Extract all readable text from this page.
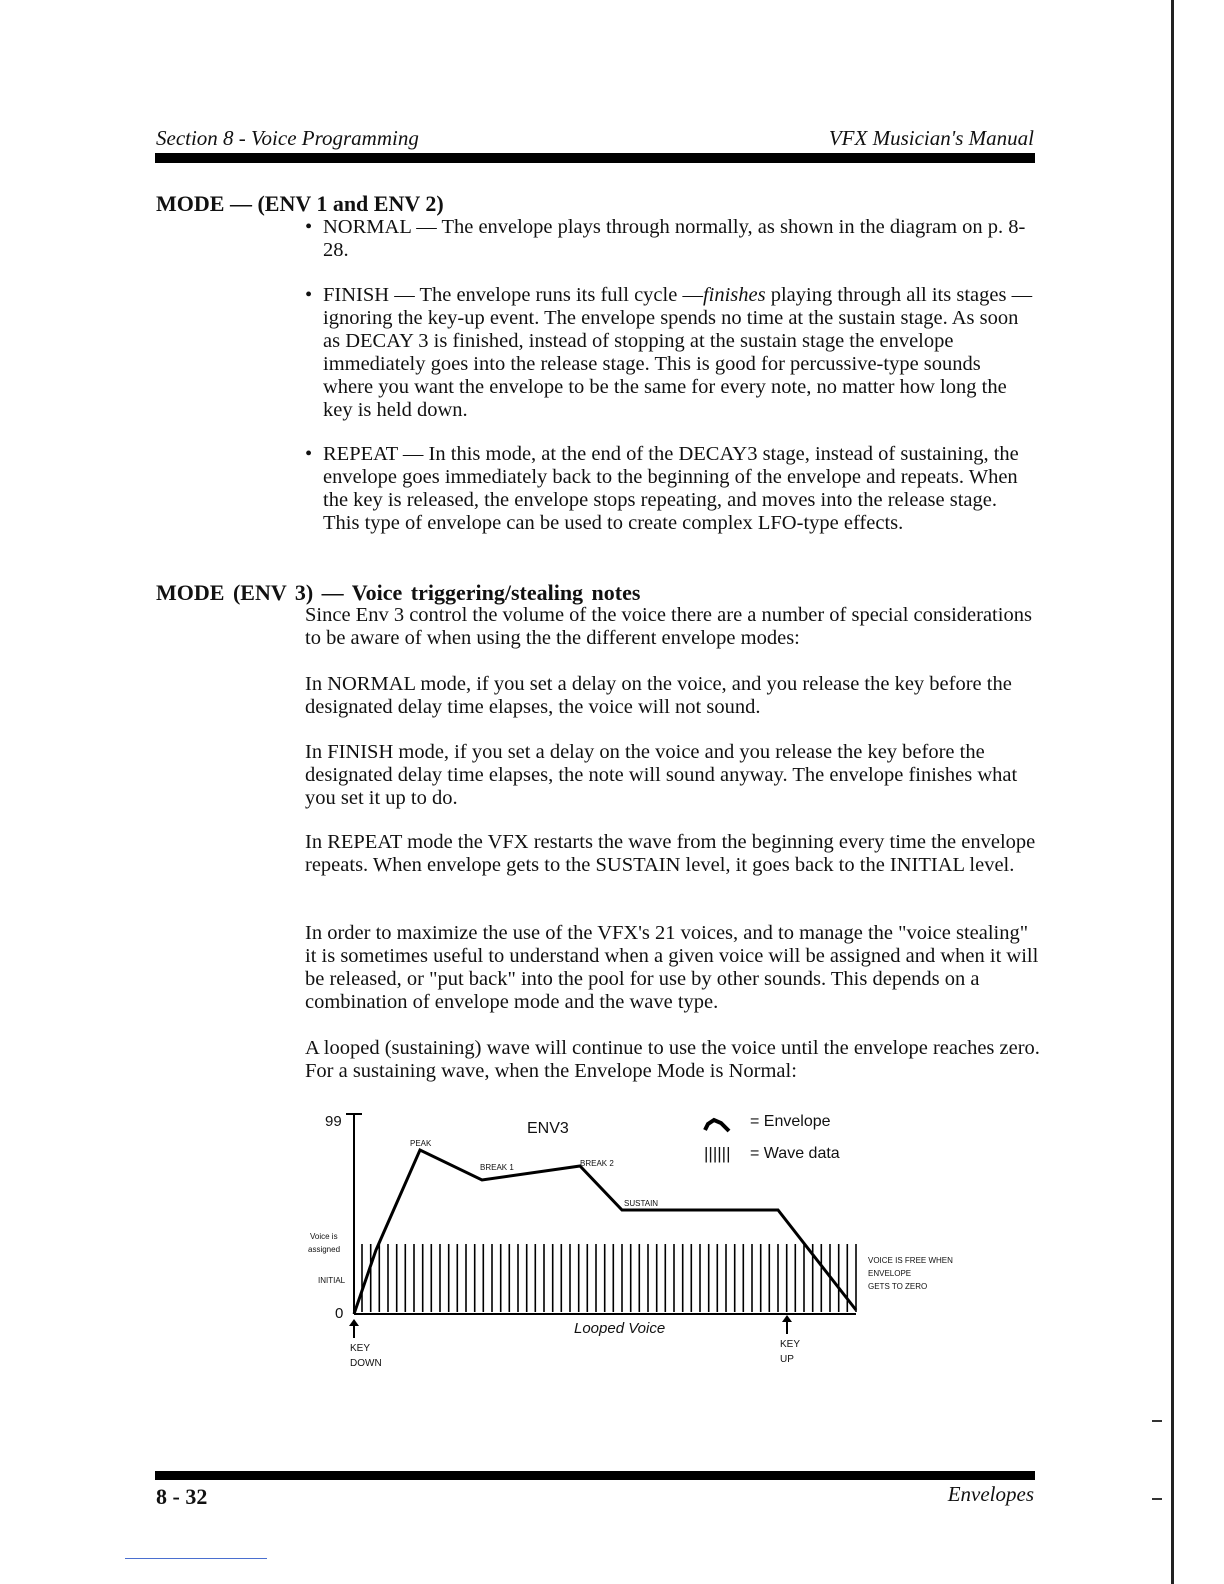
Section 8 - Voice Programming	VFX Musician's Manual
MODE — (ENV 1 and ENV 2)
• NORMAL — The envelope plays through normally, as shown in the diagram on p. 8-28.
• FINISH — The envelope runs its full cycle —finishes playing through all its stages — ignoring the key-up event. The envelope spends no time at the sustain stage. As soon as DECAY 3 is finished, instead of stopping at the sustain stage the envelope immediately goes into the release stage. This is good for percussive-type sounds where you want the envelope to be the same for every note, no matter how long the key is held down.
• REPEAT — In this mode, at the end of the DECAY3 stage, instead of sustaining, the envelope goes immediately back to the beginning of the envelope and repeats. When the key is released, the envelope stops repeating, and moves into the release stage. This type of envelope can be used to create complex LFO-type effects.
MODE (ENV 3) — Voice triggering/stealing notes
Since Env 3 control the volume of the voice there are a number of special considerations to be aware of when using the the different envelope modes:
In NORMAL mode, if you set a delay on the voice, and you release the key before the designated delay time elapses, the voice will not sound.
In FINISH mode, if you set a delay on the voice and you release the key before the designated delay time elapses, the note will sound anyway. The envelope finishes what you set it up to do.
In REPEAT mode the VFX restarts the wave from the beginning every time the envelope repeats. When envelope gets to the SUSTAIN level, it goes back to the INITIAL level.
In order to maximize the use of the VFX's 21 voices, and to manage the "voice stealing" it is sometimes useful to understand when a given voice will be assigned and when it will be released, or "put back" into the pool for use by other sounds. This depends on a combination of envelope mode and the wave type.
A looped (sustaining) wave will continue to use the voice until the envelope reaches zero. For a sustaining wave, when the Envelope Mode is Normal:
99
0
ENV3
PEAK
BREAK 1	BREAK 2
SUSTAIN
Voice is
assigned
INITIAL
VOICE IS FREE WHEN
ENVELOPE
GETS TO ZERO
Looped Voice
KEY
DOWN
KEY
UP
= Envelope
|||||| = Wave data
8 - 32	Envelopes
